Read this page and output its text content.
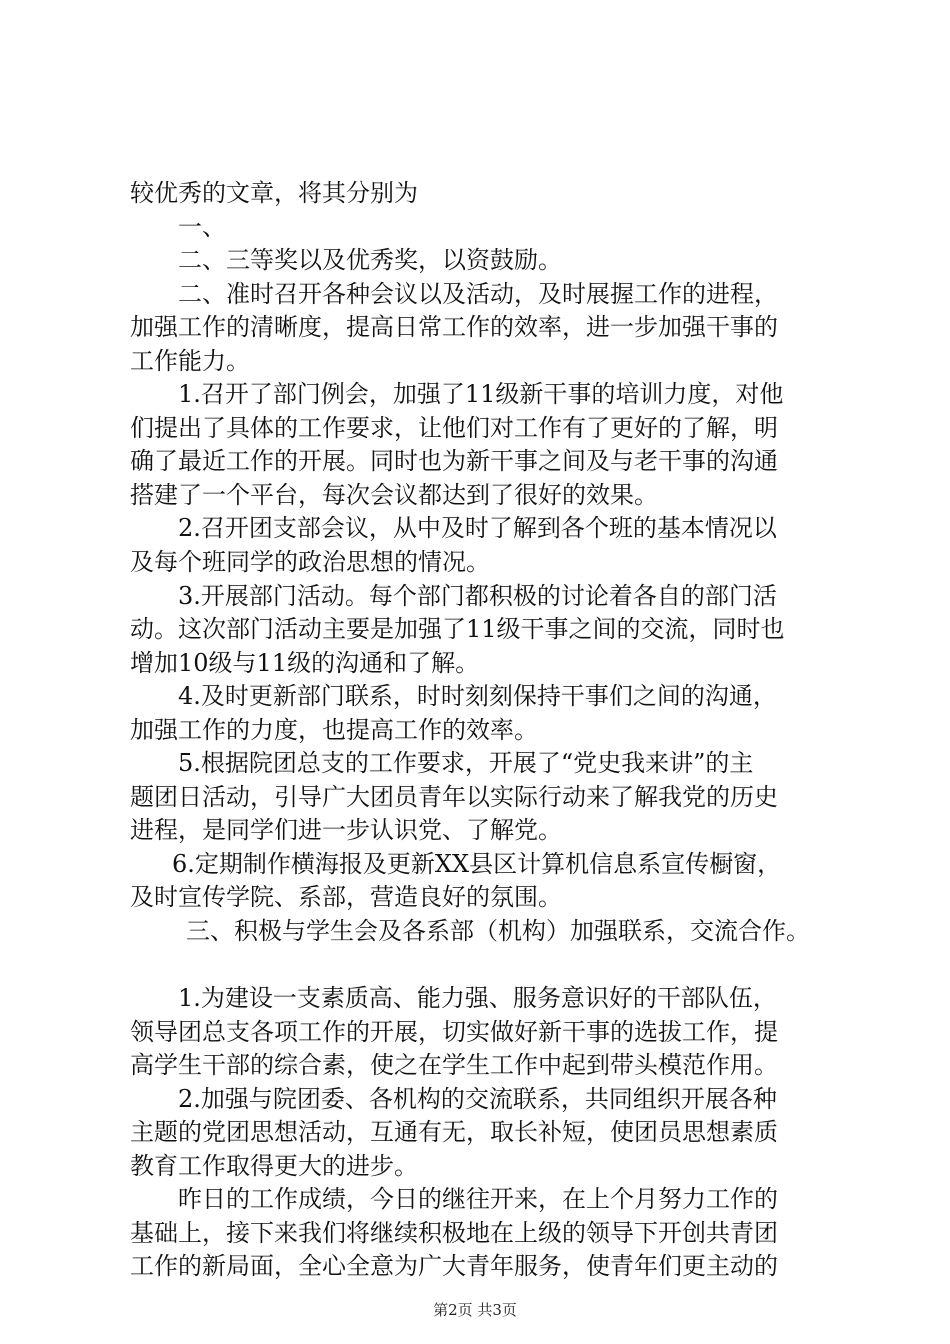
较优秀的文章，将其分别为
一、
二、三等奖以及优秀奖，以资鼓励。
二、准时召开各种会议以及活动，及时展握工作的进程，
加强工作的清晰度，提高日常工作的效率，进一步加强干事的
工作能力。
1.召开了部门例会，加强了11级新干事的培训力度，对他
们提出了具体的工作要求，让他们对工作有了更好的了解，明
确了最近工作的开展。同时也为新干事之间及与老干事的沟通
搭建了一个平台，每次会议都达到了很好的效果。
2.召开团支部会议，从中及时了解到各个班的基本情况以
及每个班同学的政治思想的情况。
3.开展部门活动。每个部门都积极的讨论着各自的部门活
动。这次部门活动主要是加强了11级干事之间的交流，同时也
增加10级与11级的沟通和了解。
4.及时更新部门联系，时时刻刻保持干事们之间的沟通，
加强工作的力度，也提高工作的效率。
5.根据院团总支的工作要求，开展了“党史我来讲”的主
题团日活动，引导广大团员青年以实际行动来了解我党的历史
进程，是同学们进一步认识党、了解党。
6.定期制作横海报及更新XX县区计算机信息系宣传橱窗，
及时宣传学院、系部，营造良好的氛围。
三、积极与学生会及各系部（机构）加强联系，交流合作。
1.为建设一支素质高、能力强、服务意识好的干部队伍，
领导团总支各项工作的开展，切实做好新干事的选拔工作，提
高学生干部的综合素，使之在学生工作中起到带头模范作用。
2.加强与院团委、各机构的交流联系，共同组织开展各种
主题的党团思想活动，互通有无，取长补短，使团员思想素质
教育工作取得更大的进步。
昨日的工作成绩，今日的继往开来，在上个月努力工作的
基础上，接下来我们将继续积极地在上级的领导下开创共青团
工作的新局面，全心全意为广大青年服务，使青年们更主动的
第2页 共3页
